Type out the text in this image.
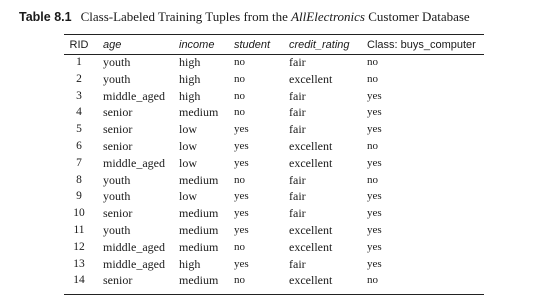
Table 8.1 Class-Labeled Training Tuples from the AllElectronics Customer Database
RID	age	income	student	credit_rating	Class: buys_computer
1	youth	high	no	fair	no
2	youth	high	no	excellent	no
3	middle_aged	high	no	fair	yes
4	senior	medium	no	fair	yes
5	senior	low	yes	fair	yes
6	senior	low	yes	excellent	no
7	middle_aged	low	yes	excellent	yes
8	youth	medium	no	fair	no
9	youth	low	yes	fair	yes
10	senior	medium	yes	fair	yes
11	youth	medium	yes	excellent	yes
12	middle_aged	medium	no	excellent	yes
13	middle_aged	high	yes	fair	yes
14	senior	medium	no	excellent	no
